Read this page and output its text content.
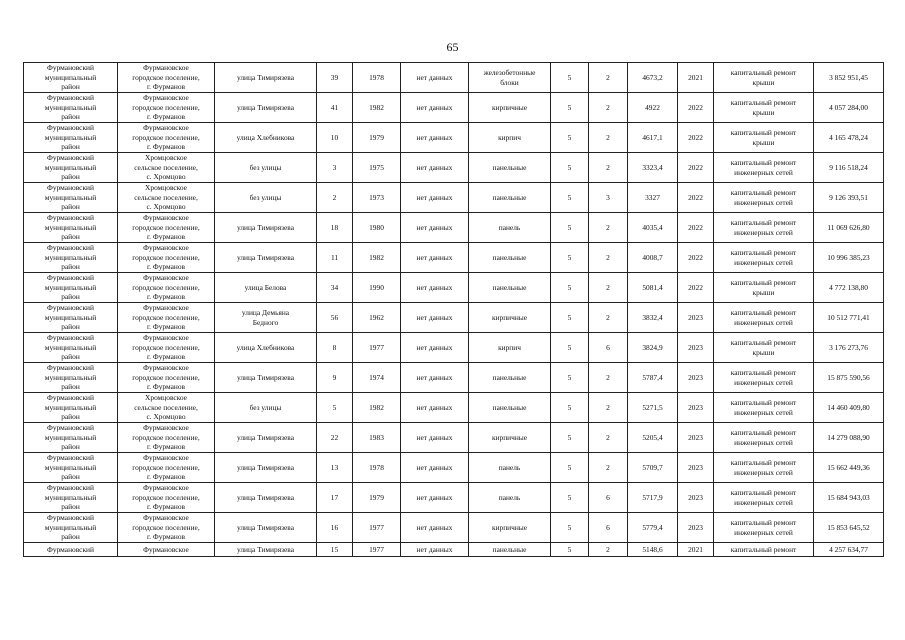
65
Фурмановский
муниципальный
район	Фурмановское
городское поселение,
г. Фурманов	улица Тимирязева	39	1978	нет данных	железобетонные
блоки	5	2	4673,2	2021	капитальный ремонт
крыши	3 852 951,45
Фурмановский
муниципальный
район	Фурмановское
городское поселение,
г. Фурманов	улица Тимирязева	41	1982	нет данных	кирпичные	5	2	4922	2022	капитальный ремонт
крыши	4 057 284,00
Фурмановский
муниципальный
район	Фурмановское
городское поселение,
г. Фурманов	улица Хлебникова	10	1979	нет данных	кирпич	5	2	4617,1	2022	капитальный ремонт
крыши	4 165 478,24
Фурмановский
муниципальный
район	Хромцовское
сельское поселение,
с. Хромцово	без улицы	3	1975	нет данных	панельные	5	2	3323,4	2022	капитальный ремонт
инженерных сетей	9 116 518,24
Фурмановский
муниципальный
район	Хромцовское
сельское поселение,
с. Хромцово	без улицы	2	1973	нет данных	панельные	5	3	3327	2022	капитальный ремонт
инженерных сетей	9 126 393,51
Фурмановский
муниципальный
район	Фурмановское
городское поселение,
г. Фурманов	улица Тимирязева	18	1980	нет данных	панель	5	2	4035,4	2022	капитальный ремонт
инженерных сетей	11 069 626,80
Фурмановский
муниципальный
район	Фурмановское
городское поселение,
г. Фурманов	улица Тимирязева	11	1982	нет данных	панельные	5	2	4008,7	2022	капитальный ремонт
инженерных сетей	10 996 385,23
Фурмановский
муниципальный
район	Фурмановское
городское поселение,
г. Фурманов	улица Белова	34	1990	нет данных	панельные	5	2	5081,4	2022	капитальный ремонт
крыши	4 772 138,80
Фурмановский
муниципальный
район	Фурмановское
городское поселение,
г. Фурманов	улица Демьяна
Бедного	56	1962	нет данных	кирпичные	5	2	3832,4	2023	капитальный ремонт
инженерных сетей	10 512 771,41
Фурмановский
муниципальный
район	Фурмановское
городское поселение,
г. Фурманов	улица Хлебникова	8	1977	нет данных	кирпич	5	6	3824,9	2023	капитальный ремонт
крыши	3 176 273,76
Фурмановский
муниципальный
район	Фурмановское
городское поселение,
г. Фурманов	улица Тимирязева	9	1974	нет данных	панельные	5	2	5787,4	2023	капитальный ремонт
инженерных сетей	15 875 590,56
Фурмановский
муниципальный
район	Хромцовское
сельское поселение,
с. Хромцово	без улицы	5	1982	нет данных	панельные	5	2	5271,5	2023	капитальный ремонт
инженерных сетей	14 460 409,80
Фурмановский
муниципальный
район	Фурмановское
городское поселение,
г. Фурманов	улица Тимирязева	22	1983	нет данных	кирпичные	5	2	5205,4	2023	капитальный ремонт
инженерных сетей	14 279 088,90
Фурмановский
муниципальный
район	Фурмановское
городское поселение,
г. Фурманов	улица Тимирязева	13	1978	нет данных	панель	5	2	5709,7	2023	капитальный ремонт
инженерных сетей	15 662 449,36
Фурмановский
муниципальный
район	Фурмановское
городское поселение,
г. Фурманов	улица Тимирязева	17	1979	нет данных	панель	5	6	5717,9	2023	капитальный ремонт
инженерных сетей	15 684 943,03
Фурмановский
муниципальный
район	Фурмановское
городское поселение,
г. Фурманов	улица Тимирязева	16	1977	нет данных	кирпичные	5	6	5779,4	2023	капитальный ремонт
инженерных сетей	15 853 645,52
Фурмановский	Фурмановское	улица Тимирязева	15	1977	нет данных	панельные	5	2	5148,6	2021	капитальный ремонт	4 257 634,77
